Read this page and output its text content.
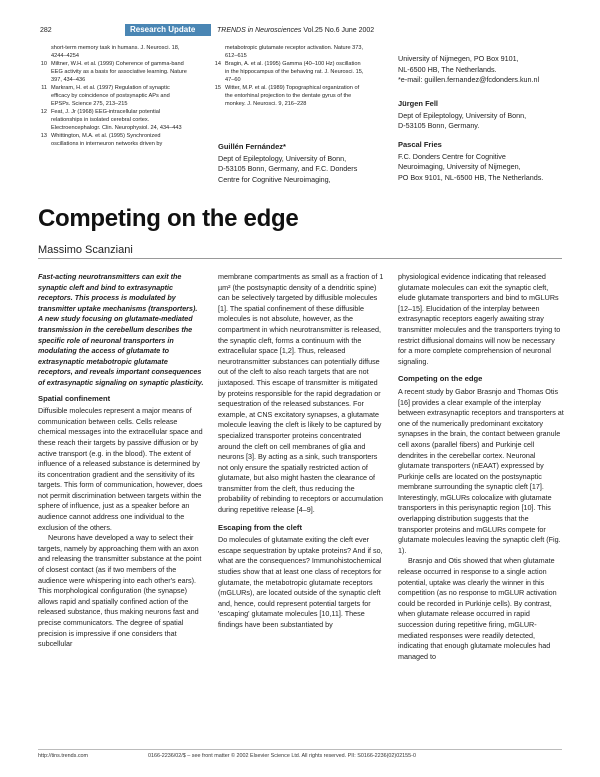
282	Research Update	TRENDS in Neurosciences Vol.25 No.6 June 2002
short-term memory task in humans. J. Neurosci. 18, 4244–4254
10 Miltner, W.H. et al. (1999) Coherence of gamma-band EEG activity as a basis for associative learning. Nature 397, 434–436
11 Markram, H. et al. (1997) Regulation of synaptic efficacy by coincidence of postsynaptic APs and EPSPs. Science 275, 213–215
12 Feat, J. Jr (1968) EEG-intracellular potential relationships in isolated cerebral cortex. Electroencephalogr. Clin. Neurophysiol. 24, 434–443
13 Whittington, M.A. et al. (1995) Synchronized oscillations in interneuron networks driven by
metabotropic glutamate receptor activation. Nature 373, 612–615
14 Bragin, A. et al. (1995) Gamma (40–100 Hz) oscillation in the hippocampus of the behaving rat. J. Neurosci. 15, 47–60
15 Witter, M.P. et al. (1989) Topographical organization of the entorhinal projection to the dentate gyrus of the monkey. J. Neurosci. 9, 216–228
Guillén Fernández*
Dept of Epileptology, University of Bonn,
D-53105 Bonn, Germany, and F.C. Donders
Centre for Cognitive Neuroimaging,
University of Nijmegen, PO Box 9101,
NL-6500 HB, The Netherlands.
*e-mail: guillen.fernandez@fcdonders.kun.nl
Jürgen Fell
Dept of Epileptology, University of Bonn,
D-53105 Bonn, Germany.
Pascal Fries
F.C. Donders Centre for Cognitive
Neuroimaging, University of Nijmegen,
PO Box 9101, NL-6500 HB, The Netherlands.
Competing on the edge
Massimo Scanziani

Fast-acting neurotransmitters can exit the synaptic cleft and bind to extrasynaptic receptors. This process is modulated by transmitter uptake mechanisms (transporters). A new study focusing on glutamate-mediated transmission in the cerebellum describes the specific role of neuronal transporters in modulating the access of glutamate to extrasynaptic metabotropic glutamate receptors, and reveals important consequences of extrasynaptic signaling on synaptic plasticity.

Spatial confinement

Diffusible molecules represent a major means of communication between cells. Cells release chemical messages into the extracellular space and these reach their targets by passive diffusion or by active transport (e.g. in the blood). The extent of influence of a released substance is determined by its concentration gradient and the sensitivity of its targets. This form of communication, however, does not permit discrimination between targets within the sphere of influence, just as a speaker before an audience cannot address one individual to the exclusion of the others.

Neurons have developed a way to select their targets, namely by approaching them with an axon and releasing the transmitter substance at the point of closest contact (as if two members of the audience were whispering into each other's ears). This morphological configuration (the synapse) allows rapid and spatially confined action of the released substance, thus making neurons fast and precise communicators. The degree of spatial precision is impressive if one considers that subcellular

membrane compartments as small as a fraction of 1 µm² (the postsynaptic density of a dendritic spine) can be selectively targeted by diffusible molecules [1]. The spatial confinement of these diffusible molecules is not absolute, however, as the compartment in which neurotransmitter is released, the synaptic cleft, forms a continuum with the extracellular space [1,2]. Thus, released neurotransmitter substances can potentially diffuse out of the cleft to also reach targets that are not juxtaposed. This escape of transmitter is mitigated by proteins responsible for the rapid degradation or sequestration of the released substances. For example, at CNS excitatory synapses, a glutamate molecule leaving the cleft is likely to be captured by specialized transporter proteins concentrated around the cleft on cell membranes of glia and neurons [3]. By acting as a sink, such transporters not only ensure the spatially restricted action of glutamate, but also might hasten the clearance of transmitter from the cleft, thus reducing the probability of rebinding to receptors or accumulation during repetitive release [4–9].

Escaping from the cleft

Do molecules of glutamate exiting the cleft ever escape sequestration by uptake proteins? And if so, what are the consequences? Immunohistochemical studies show that at least one class of receptors for glutamate, the metabotropic glutamate receptors (mGLURs), are located outside of the synaptic cleft and, hence, could represent potential targets for 'escaping' glutamate molecules [10,11]. These findings have been substantiated by

physiological evidence indicating that released glutamate molecules can exit the synaptic cleft, elude glutamate transporters and bind to mGLURs [12–15]. Elucidation of the interplay between extrasynaptic receptors eagerly awaiting stray transmitter molecules and the transporters trying to restrict diffusional domains will now be necessary for a more complete comprehension of neuronal signaling.

Competing on the edge

A recent study by Gabor Brasnjo and Thomas Otis [16] provides a clear example of the interplay between extrasynaptic receptors and transporters at one of the numerically predominant excitatory synapses in the brain, the contact between granule cell axons (parallel fibers) and Purkinje cell dendrites in the cerebellar cortex. Neuronal glutamate transporters (nEAAT) expressed by Purkinje cells are located on the postsynaptic membrane surrounding the synaptic cleft [17]. Interestingly, mGLURs colocalize with glutamate transporters in this perisynaptic region [10]. This overlapping distribution suggests that the transporter proteins and mGLURs compete for glutamate molecules leaving the synaptic cleft (Fig. 1).

Brasnjo and Otis showed that when glutamate release occurred in response to a single action potential, uptake was clearly the winner in this competition (as no response to mGLUR activation could be recorded in Purkinje cells). By contrast, when glutamate release occurred in rapid succession during repetitive firing, mGLUR-mediated responses were readily detected, indicating that enough glutamate molecules had managed to

http://tins.trends.com	0166-2236/02/$ – see front matter © 2002 Elsevier Science Ltd. All rights reserved. PII: S0166-2236(02)02155-0
